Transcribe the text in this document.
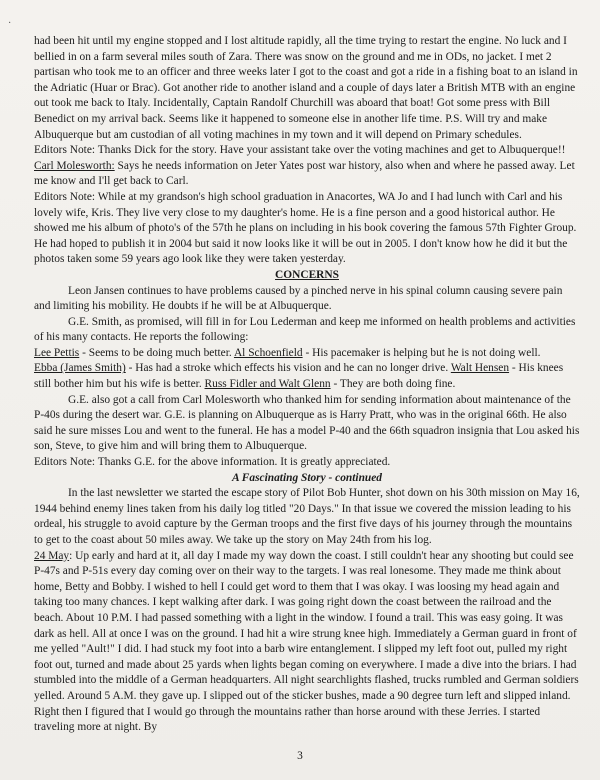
·

had been hit until my engine stopped and I lost altitude rapidly, all the time trying to restart the engine. No luck and I bellied in on a farm several miles south of Zara. There was snow on the ground and me in ODs, no jacket. I met 2 partisan who took me to an officer and three weeks later I got to the coast and got a ride in a fishing boat to an island in the Adriatic (Huar or Brac). Got another ride to another island and a couple of days later a British MTB with an engine out took me back to Italy. Incidentally, Captain Randolf Churchill was aboard that boat! Got some press with Bill Benedict on my arrival back. Seems like it happened to someone else in another life time. P.S. Will try and make Albuquerque but am custodian of all voting machines in my town and it will depend on Primary schedules.

Editors Note: Thanks Dick for the story. Have your assistant take over the voting machines and get to Albuquerque!!

Carl Molesworth: Says he needs information on Jeter Yates post war history, also when and where he passed away. Let me know and I'll get back to Carl.

Editors Note: While at my grandson's high school graduation in Anacortes, WA Jo and I had lunch with Carl and his lovely wife, Kris. They live very close to my daughter's home. He is a fine person and a good historical author. He showed me his album of photo's of the 57th he plans on including in his book covering the famous 57th Fighter Group. He had hoped to publish it in 2004 but said it now looks like it will be out in 2005. I don't know how he did it but the photos taken some 59 years ago look like they were taken yesterday.

CONCERNS

Leon Jansen continues to have problems caused by a pinched nerve in his spinal column causing severe pain and limiting his mobility. He doubts if he will be at Albuquerque.

G.E. Smith, as promised, will fill in for Lou Lederman and keep me informed on health problems and activities of his many contacts. He reports the following:

Lee Pettis - Seems to be doing much better. Al Schoenfield - His pacemaker is helping but he is not doing well.
Ebba (James Smith) - Has had a stroke which effects his vision and he can no longer drive. Walt Hensen - His knees still bother him but his wife is better. Russ Fidler and Walt Glenn - They are both doing fine.

G.E. also got a call from Carl Molesworth who thanked him for sending information about maintenance of the P-40s during the desert war. G.E. is planning on Albuquerque as is Harry Pratt, who was in the original 66th. He also said he sure misses Lou and went to the funeral. He has a model P-40 and the 66th squadron insignia that Lou asked his son, Steve, to give him and will bring them to Albuquerque.

Editors Note: Thanks G.E. for the above information. It is greatly appreciated.

A Fascinating Story - continued

In the last newsletter we started the escape story of Pilot Bob Hunter, shot down on his 30th mission on May 16, 1944 behind enemy lines taken from his daily log titled "20 Days." In that issue we covered the mission leading to his ordeal, his struggle to avoid capture by the German troops and the first five days of his journey through the mountains to get to the coast about 50 miles away. We take up the story on May 24th from his log.

24 May: Up early and hard at it, all day I made my way down the coast. I still couldn't hear any shooting but could see P-47s and P-51s every day coming over on their way to the targets. I was real lonesome. They made me think about home, Betty and Bobby. I wished to hell I could get word to them that I was okay. I was loosing my head again and taking too many chances. I kept walking after dark. I was going right down the coast between the railroad and the beach. About 10 P.M. I had passed something with a light in the window. I found a trail. This was easy going. It was dark as hell. All at once I was on the ground. I had hit a wire strung knee high. Immediately a German guard in front of me yelled "Ault!" I did. I had stuck my foot into a barb wire entanglement. I slipped my left foot out, pulled my right foot out, turned and made about 25 yards when lights began coming on everywhere. I made a dive into the briars. I had stumbled into the middle of a German headquarters. All night searchlights flashed, trucks rumbled and German soldiers yelled. Around 5 A.M. they gave up. I slipped out of the sticker bushes, made a 90 degree turn left and slipped inland. Right then I figured that I would go through the mountains rather than horse around with these Jerries. I started traveling more at night. By

3
